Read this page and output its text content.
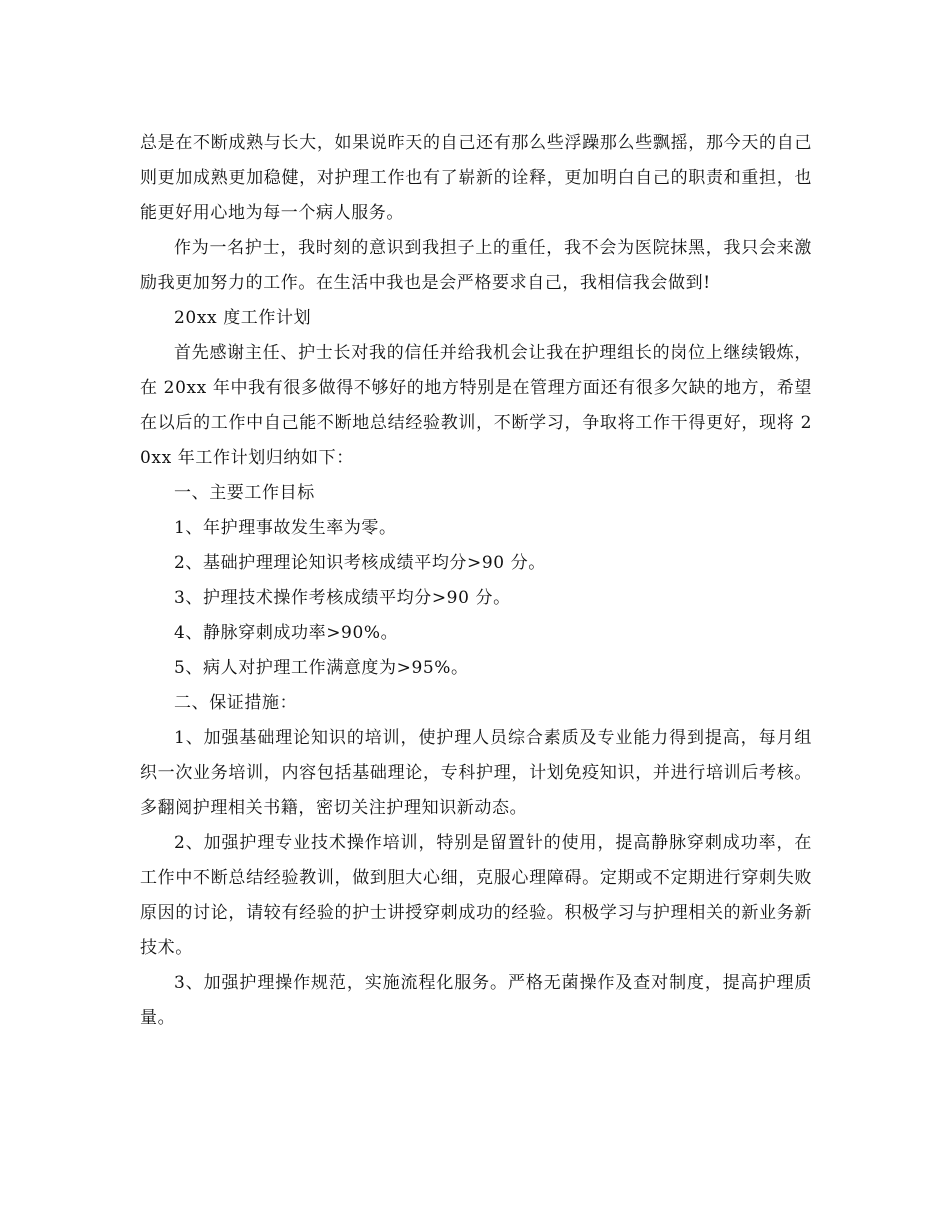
总是在不断成熟与长大，如果说昨天的自己还有那么些浮躁那么些飘摇，那今天的自己则更加成熟更加稳健，对护理工作也有了崭新的诠释，更加明白自己的职责和重担，也能更好用心地为每一个病人服务。

作为一名护士，我时刻的意识到我担子上的重任，我不会为医院抹黑，我只会来激励我更加努力的工作。在生活中我也是会严格要求自己，我相信我会做到!

20xx 度工作计划

首先感谢主任、护士长对我的信任并给我机会让我在护理组长的岗位上继续锻炼，在 20xx 年中我有很多做得不够好的地方特别是在管理方面还有很多欠缺的地方，希望在以后的工作中自己能不断地总结经验教训，不断学习，争取将工作干得更好，现将 20xx 年工作计划归纳如下：

一、主要工作目标

1、年护理事故发生率为零。

2、基础护理理论知识考核成绩平均分>90 分。

3、护理技术操作考核成绩平均分>90 分。

4、静脉穿刺成功率>90%。

5、病人对护理工作满意度为>95%。

二、保证措施：

1、加强基础理论知识的培训，使护理人员综合素质及专业能力得到提高，每月组织一次业务培训，内容包括基础理论，专科护理，计划免疫知识，并进行培训后考核。多翻阅护理相关书籍，密切关注护理知识新动态。

2、加强护理专业技术操作培训，特别是留置针的使用，提高静脉穿刺成功率，在工作中不断总结经验教训，做到胆大心细，克服心理障碍。定期或不定期进行穿刺失败原因的讨论，请较有经验的护士讲授穿刺成功的经验。积极学习与护理相关的新业务新技术。

3、加强护理操作规范，实施流程化服务。严格无菌操作及查对制度，提高护理质量。
